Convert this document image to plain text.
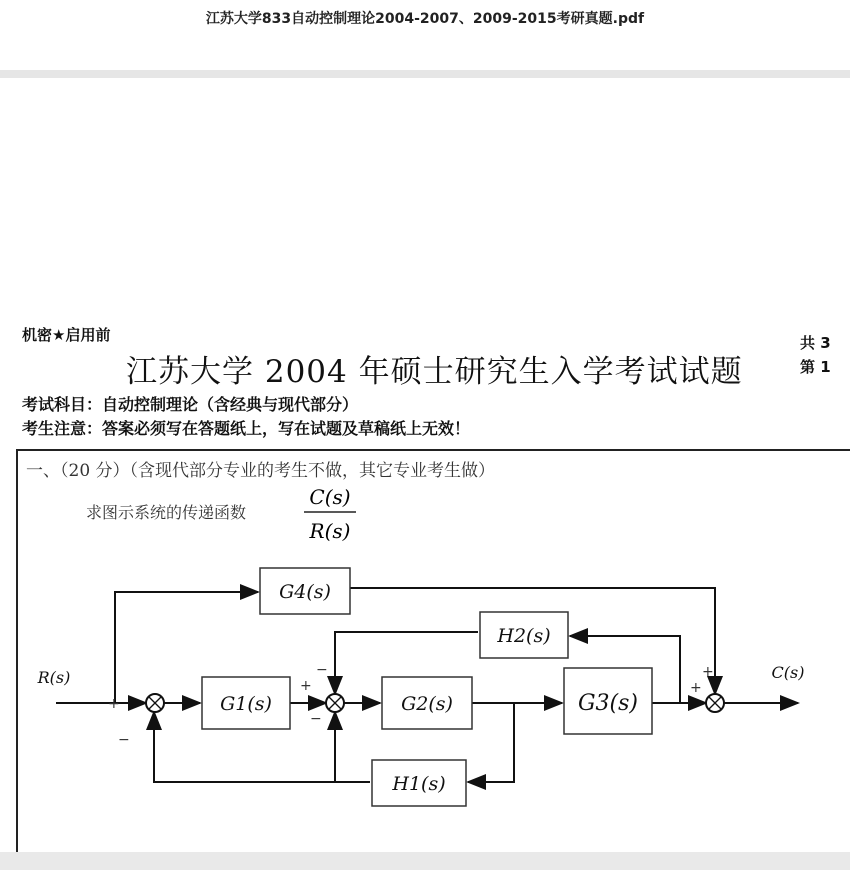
江苏大学833自动控制理论2004-2007、2009-2015考研真题.pdf
机密★启用前
江苏大学 2004 年硕士研究生入学考试试题
共 3
第 1
考试科目：自动控制理论（含经典与现代部分）
考生注意：答案必须写在答题纸上，写在试题及草稿纸上无效！
一、（20 分）（含现代部分专业的考生不做，其它专业考生做）
求图示系统的传递函数
C(s)
R(s)
G1(s)	G2(s)	G3(s)
G4(s)
H1(s)
H2(s)
R(s)	C(s)
+
−
+
−
−
+
+
